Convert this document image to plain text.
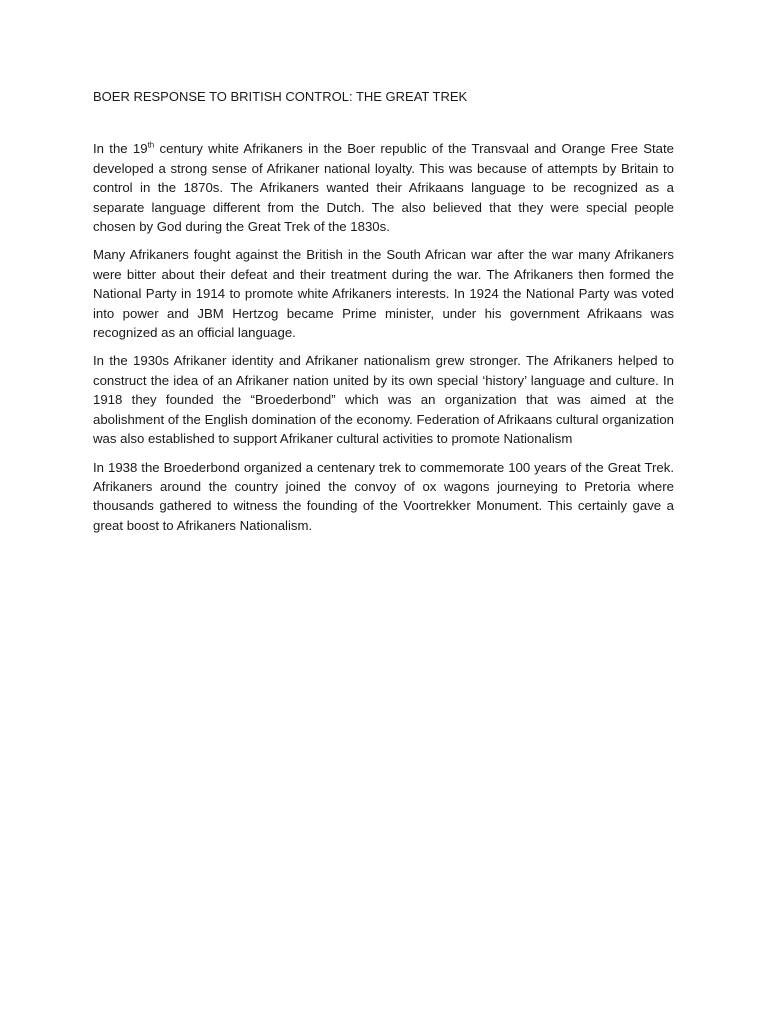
BOER RESPONSE TO BRITISH CONTROL: THE GREAT TREK

In the 19th century white Afrikaners in the Boer republic of the Transvaal and Orange Free State developed a strong sense of Afrikaner national loyalty. This was because of attempts by Britain to control in the 1870s. The Afrikaners wanted their Afrikaans language to be recognized as a separate language different from the Dutch. The also believed that they were special people chosen by God during the Great Trek of the 1830s.

Many Afrikaners fought against the British in the South African war after the war many Afrikaners were bitter about their defeat and their treatment during the war. The Afrikaners then formed the National Party in 1914 to promote white Afrikaners interests. In 1924 the National Party was voted into power and JBM Hertzog became Prime minister, under his government Afrikaans was recognized as an official language.

In the 1930s Afrikaner identity and Afrikaner nationalism grew stronger. The Afrikaners helped to construct the idea of an Afrikaner nation united by its own special ‘history’ language and culture. In 1918 they founded the “Broederbond” which was an organization that was aimed at the abolishment of the English domination of the economy. Federation of Afrikaans cultural organization was also established to support Afrikaner cultural activities to promote Nationalism

In 1938 the Broederbond organized a centenary trek to commemorate 100 years of the Great Trek. Afrikaners around the country joined the convoy of ox wagons journeying to Pretoria where thousands gathered to witness the founding of the Voortrekker Monument. This certainly gave a great boost to Afrikaners Nationalism.
